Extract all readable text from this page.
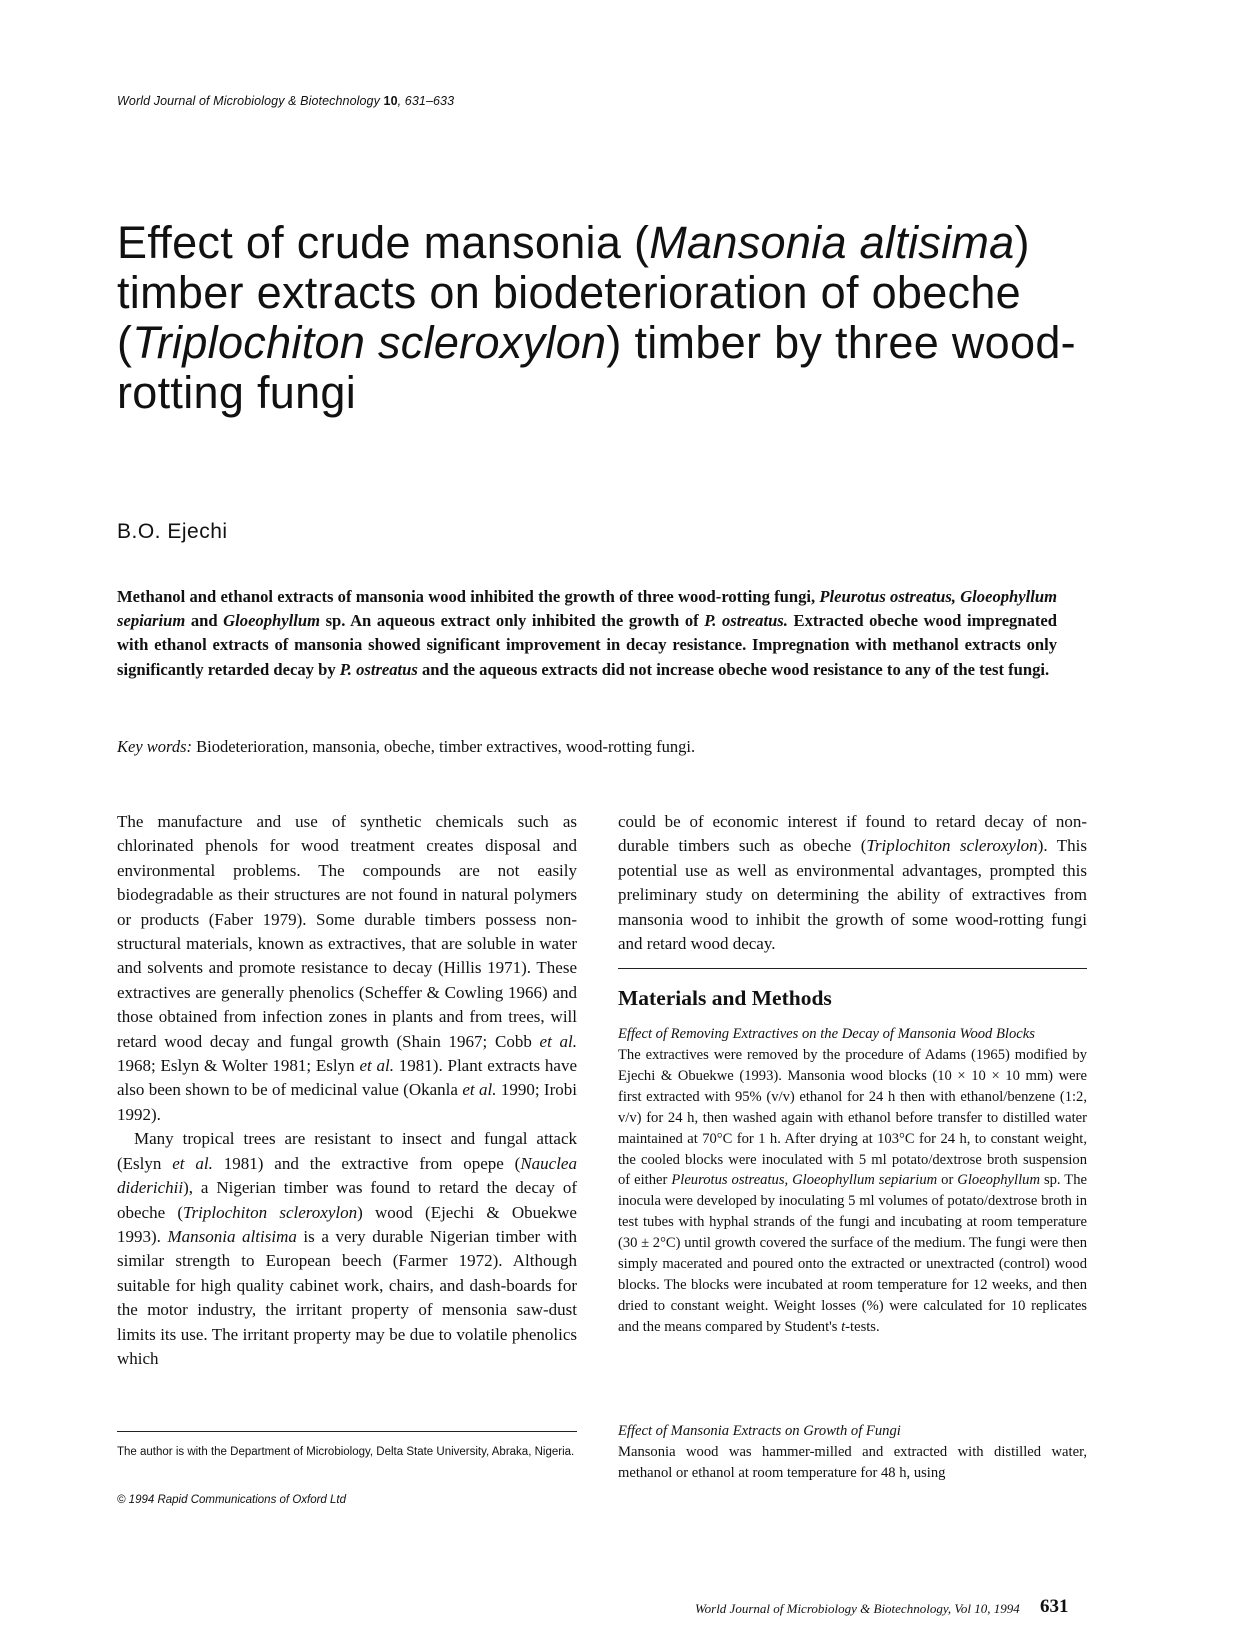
World Journal of Microbiology & Biotechnology 10, 631–633
Effect of crude mansonia (Mansonia altisima) timber extracts on biodeterioration of obeche (Triplochiton scleroxylon) timber by three wood-rotting fungi
B.O. Ejechi

Methanol and ethanol extracts of mansonia wood inhibited the growth of three wood-rotting fungi, Pleurotus ostreatus, Gloeophyllum sepiarium and Gloeophyllum sp. An aqueous extract only inhibited the growth of P. ostreatus. Extracted obeche wood impregnated with ethanol extracts of mansonia showed significant improvement in decay resistance. Impregnation with methanol extracts only significantly retarded decay by P. ostreatus and the aqueous extracts did not increase obeche wood resistance to any of the test fungi.

Key words: Biodeterioration, mansonia, obeche, timber extractives, wood-rotting fungi.

The manufacture and use of synthetic chemicals such as chlorinated phenols for wood treatment creates disposal and environmental problems. The compounds are not easily biodegradable as their structures are not found in natural polymers or products (Faber 1979). Some durable timbers possess non-structural materials, known as extractives, that are soluble in water and solvents and promote resistance to decay (Hillis 1971). These extractives are generally phenolics (Scheffer & Cowling 1966) and those obtained from infection zones in plants and from trees, will retard wood decay and fungal growth (Shain 1967; Cobb et al. 1968; Eslyn & Wolter 1981; Eslyn et al. 1981). Plant extracts have also been shown to be of medicinal value (Okanla et al. 1990; Irobi 1992).

Many tropical trees are resistant to insect and fungal attack (Eslyn et al. 1981) and the extractive from opepe (Nauclea diderichii), a Nigerian timber was found to retard the decay of obeche (Triplochiton scleroxylon) wood (Ejechi & Obuekwe 1993). Mansonia altisima is a very durable Nigerian timber with similar strength to European beech (Farmer 1972). Although suitable for high quality cabinet work, chairs, and dash-boards for the motor industry, the irritant property of mensonia saw-dust limits its use. The irritant property may be due to volatile phenolics which

could be of economic interest if found to retard decay of non-durable timbers such as obeche (Triplochiton scleroxylon). This potential use as well as environmental advantages, prompted this preliminary study on determining the ability of extractives from mansonia wood to inhibit the growth of some wood-rotting fungi and retard wood decay.

Materials and Methods

Effect of Removing Extractives on the Decay of Mansonia Wood Blocks

The extractives were removed by the procedure of Adams (1965) modified by Ejechi & Obuekwe (1993). Mansonia wood blocks (10 × 10 × 10 mm) were first extracted with 95% (v/v) ethanol for 24 h then with ethanol/benzene (1:2, v/v) for 24 h, then washed again with ethanol before transfer to distilled water maintained at 70°C for 1 h. After drying at 103°C for 24 h, to constant weight, the cooled blocks were inoculated with 5 ml potato/dextrose broth suspension of either Pleurotus ostreatus, Gloeophyllum sepiarium or Gloeophyllum sp. The inocula were developed by inoculating 5 ml volumes of potato/dextrose broth in test tubes with hyphal strands of the fungi and incubating at room temperature (30 ± 2°C) until growth covered the surface of the medium. The fungi were then simply macerated and poured onto the extracted or unextracted (control) wood blocks. The blocks were incubated at room temperature for 12 weeks, and then dried to constant weight. Weight losses (%) were calculated for 10 replicates and the means compared by Student's t-tests.

Effect of Mansonia Extracts on Growth of Fungi

Mansonia wood was hammer-milled and extracted with distilled water, methanol or ethanol at room temperature for 48 h, using

The author is with the Department of Microbiology, Delta State University, Abraka, Nigeria.
© 1994 Rapid Communications of Oxford Ltd
World Journal of Microbiology & Biotechnology, Vol 10, 1994 631
